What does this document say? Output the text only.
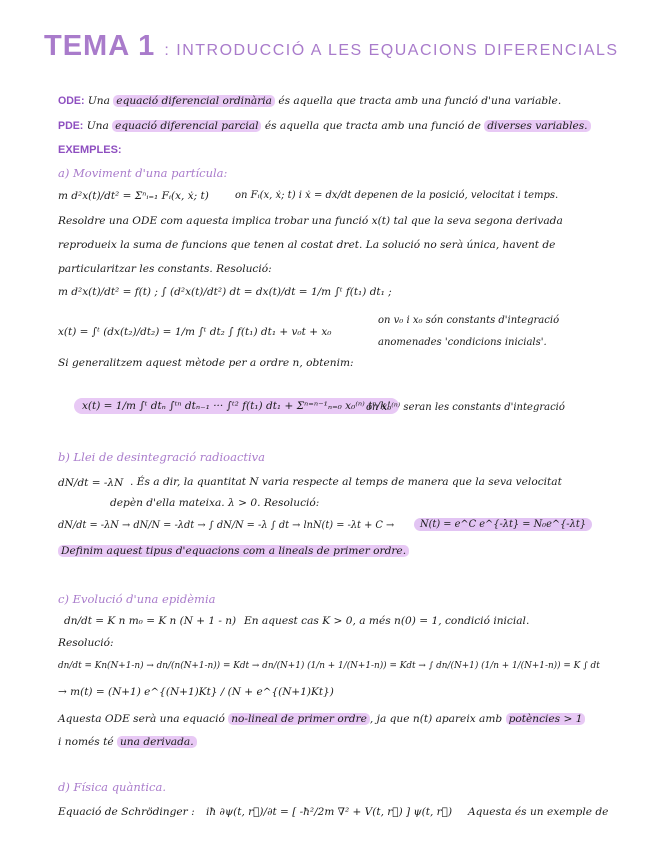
TEMA 1 : INTRODUCCIÓ A LES EQUACIONS DIFERENCIALS
ODE: Una equació diferencial ordinària és aquella que tracta amb una funció d'una variable.
PDE: Una equació diferencial parcial és aquella que tracta amb una funció de diverses variables.
EXEMPLES:
a) Moviment d'una partícula:
m d²x(t)/dt² = Σⁿᵢ₌₁ Fᵢ(x, ẋ; t)	on Fᵢ(x, ẋ; t) i ẋ = dx/dt depenen de la posició, velocitat i temps.
Resoldre una ODE com aquesta implica trobar una funció x(t) tal que la seva segona derivada
reprodueix la suma de funcions que tenen al costat dret. La solució no serà única, havent de
particularitzar les constants. Resolució:
m d²x(t)/dt² = f(t) ; ∫ (d²x(t)/dt²) dt = dx(t)/dt = 1/m ∫ᵗ f(t₁) dt₁ ;
x(t) = ∫ᵗ (dx(t₂)/dt₂) = 1/m ∫ᵗ dt₂ ∫ f(t₁) dt₁ + v₀t + x₀
on v₀ i x₀ són constants d'integració
anomenades 'condicions inicials'.
Si generalitzem aquest mètode per a ordre n, obtenim:
x(t) = 1/m ∫ᵗ dtₙ ∫ᵗⁿ dtₙ₋₁ ··· ∫ᵗ² f(t₁) dt₁ + Σⁿ⁼ⁿ⁻¹ₙ₌₀ x₀⁽ⁿ⁾ tⁿ/k!
on x₀⁽ⁿ⁾ seran les constants d'integració
b) Llei de desintegració radioactiva
dN/dt = -λN . És a dir, la quantitat N varia respecte al temps de manera que la seva velocitat
depèn d'ella mateixa. λ > 0. Resolució:
dN/dt = -λN → dN/N = -λdt → ∫ dN/N = -λ ∫ dt → lnN(t) = -λt + C →	N(t) = e^C e^{-λt} = N₀e^{-λt}
Definim aquest tipus d'equacions com a lineals de primer ordre.
c) Evolució d'una epidèmia
dn/dt = K n m₀ = K n (N + 1 - n) En aquest cas K > 0, a més n(0) = 1, condició inicial.
Resolució:
dn/dt = Kn(N+1-n) → dn/(n(N+1-n)) = Kdt → dn/(N+1) (1/n + 1/(N+1-n)) = Kdt → ∫ dn/(N+1) (1/n + 1/(N+1-n)) = K ∫ dt
→ m(t) = (N+1) e^{(N+1)Kt} / (N + e^{(N+1)Kt})
Aquesta ODE serà una equació no-lineal de primer ordre , ja que n(t) apareix amb potències > 1
i només té una derivada.
d) Física quàntica.
Equació de Schrödinger : iħ ∂ψ(t, r⃗)/∂t = [ -ħ²/2m ∇² + V(t, r⃗) ] ψ(t, r⃗) Aquesta és un exemple de
